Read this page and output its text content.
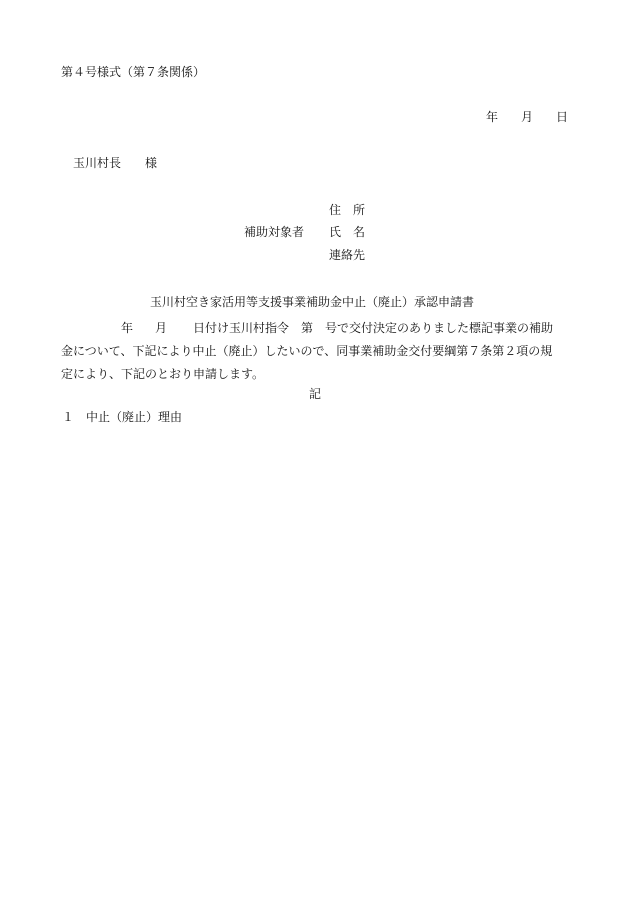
第４号様式（第７条関係）
年 月 日
玉川村長 様
住　所
補助対象者 氏　名
連絡先
玉川村空き家活用等支援事業補助金中止（廃止）承認申請書
年 月 日付け玉川村指令　第 号で交付決定のありました標記事業の補助
金について、下記により中止（廃止）したいので、同事業補助金交付要綱第７条第２項の規
定により、下記のとおり申請します。
記
１ 中止（廃止）理由
